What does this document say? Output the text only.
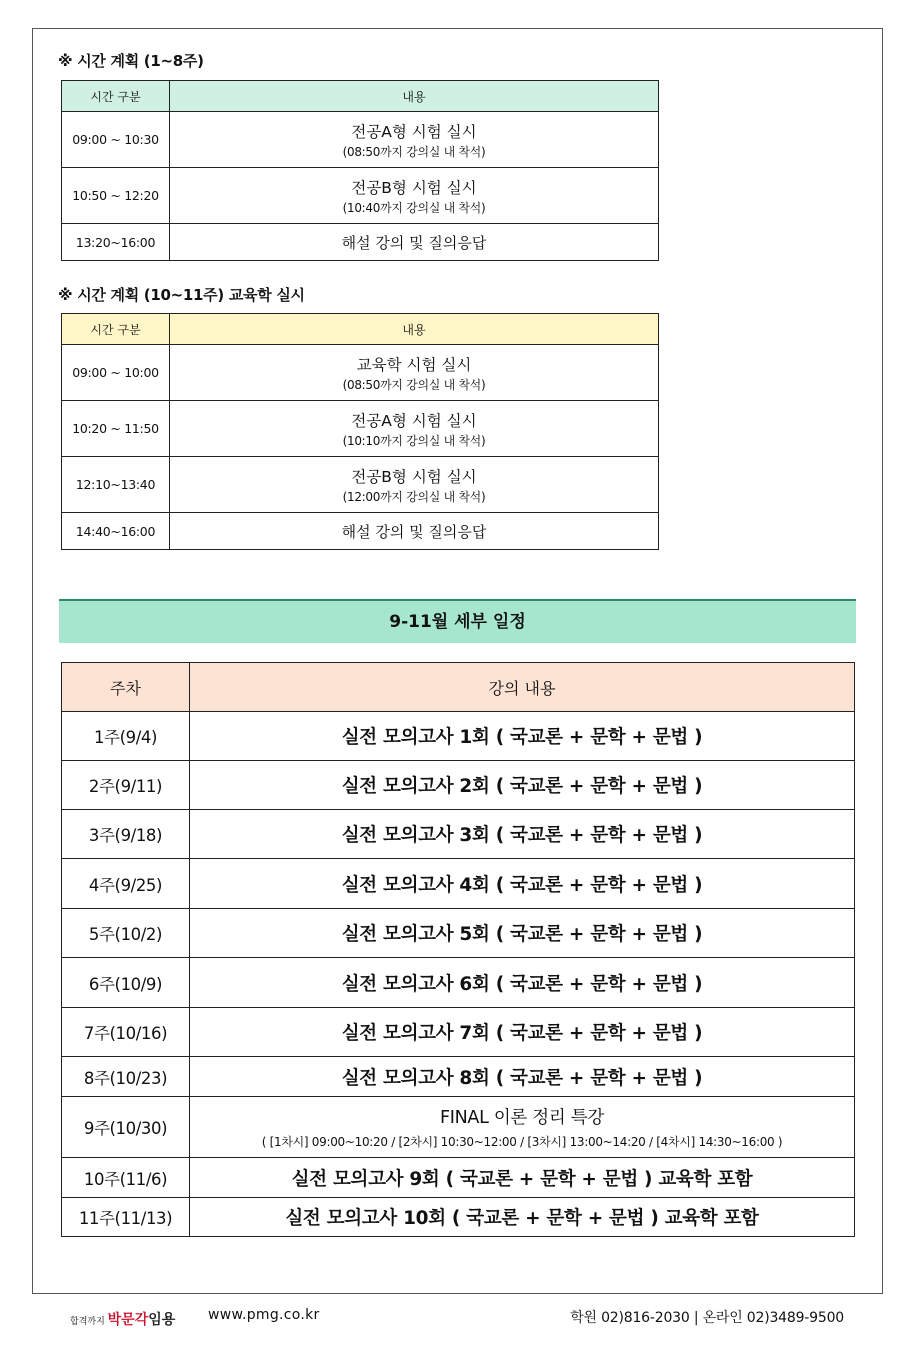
※ 시간 계획 (1~8주)
시간 구분	내용
09:00 ~ 10:30	전공A형 시험 실시
(08:50까지 강의실 내 착석)

10:50 ~ 12:20	전공B형 시험 실시
(10:40까지 강의실 내 착석)

13:20~16:00	해설 강의 및 질의응답
※ 시간 계획 (10~11주) 교육학 실시
시간 구분	내용
09:00 ~ 10:00	교육학 시험 실시
(08:50까지 강의실 내 착석)

10:20 ~ 11:50	전공A형 시험 실시
(10:10까지 강의실 내 착석)

12:10~13:40	전공B형 시험 실시
(12:00까지 강의실 내 착석)

14:40~16:00	해설 강의 및 질의응답
9-11월 세부 일정
주차	강의 내용
1주(9/4)	실전 모의고사 1회 ( 국교론 + 문학 + 문법 )
2주(9/11)	실전 모의고사 2회 ( 국교론 + 문학 + 문법 )
3주(9/18)	실전 모의고사 3회 ( 국교론 + 문학 + 문법 )
4주(9/25)	실전 모의고사 4회 ( 국교론 + 문학 + 문법 )
5주(10/2)	실전 모의고사 5회 ( 국교론 + 문학 + 문법 )
6주(10/9)	실전 모의고사 6회 ( 국교론 + 문학 + 문법 )
7주(10/16)	실전 모의고사 7회 ( 국교론 + 문학 + 문법 )
8주(10/23)	실전 모의고사 8회 ( 국교론 + 문학 + 문법 )
9주(10/30)	FINAL 이론 정리 특강
( [1차시] 09:00~10:20 / [2차시] 10:30~12:00 / [3차시] 13:00~14:20 / [4차시] 14:30~16:00 )

10주(11/6)	실전 모의고사 9회 ( 국교론 + 문학 + 문법 ) 교육학 포함
11주(11/13)	실전 모의고사 10회 ( 국교론 + 문학 + 문법 ) 교육학 포함
합격까지 박문각임용 www.pmg.co.kr	학원 02)816-2030 | 온라인 02)3489-9500
